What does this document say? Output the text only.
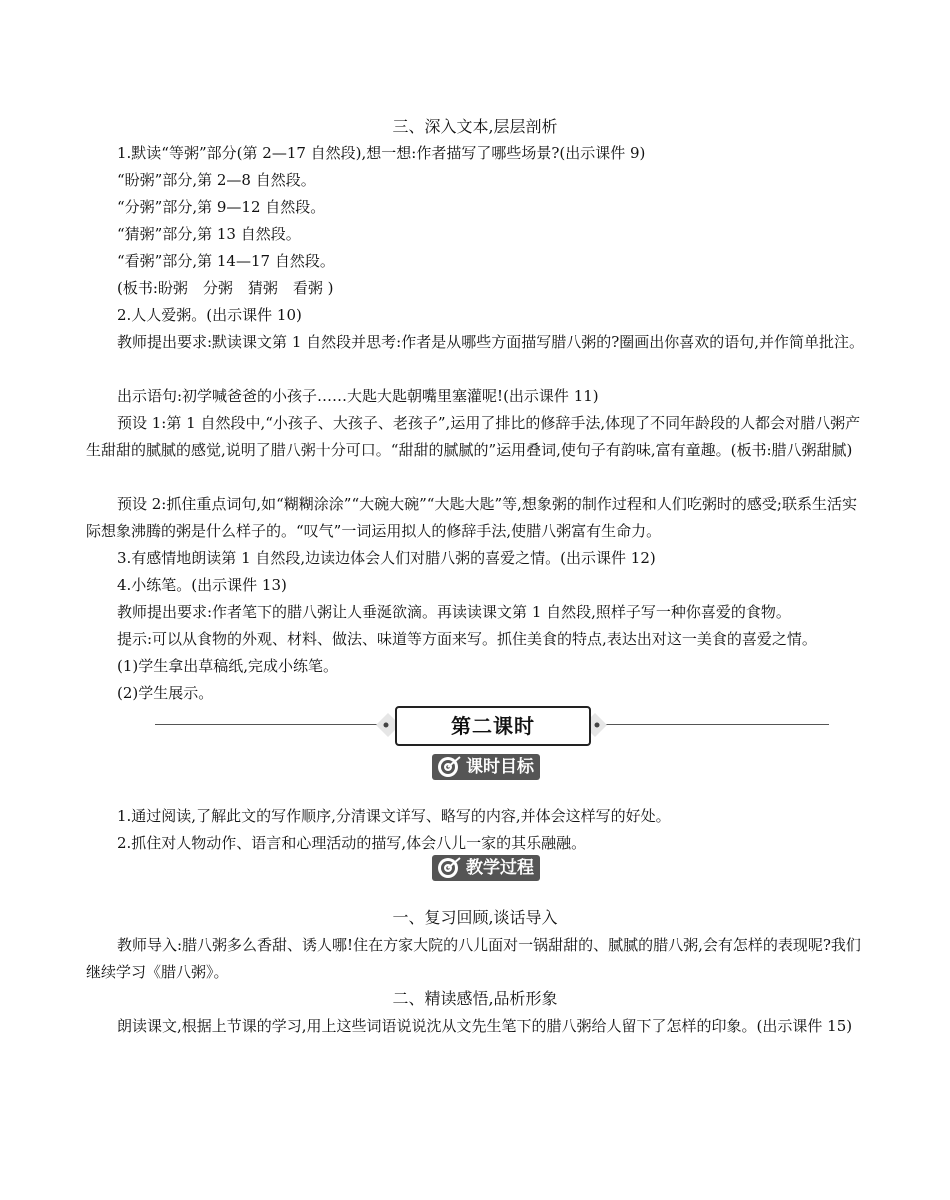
三、深入文本,层层剖析
1.默读“等粥”部分(第 2—17 自然段),想一想:作者描写了哪些场景?(出示课件 9)
“盼粥”部分,第 2—8 自然段。
“分粥”部分,第 9—12 自然段。
“猜粥”部分,第 13 自然段。
“看粥”部分,第 14—17 自然段。
(板书:盼粥　分粥　猜粥　看粥 )
2.人人爱粥。(出示课件 10)
教师提出要求:默读课文第 1 自然段并思考:作者是从哪些方面描写腊八粥的?圈画出你喜欢的语句,并作简单批注。
出示语句:初学喊爸爸的小孩子……大匙大匙朝嘴里塞灌呢!(出示课件 11)
预设 1:第 1 自然段中,“小孩子、大孩子、老孩子”,运用了排比的修辞手法,体现了不同年龄段的人都会对腊八粥产生甜甜的腻腻的感觉,说明了腊八粥十分可口。“甜甜的腻腻的”运用叠词,使句子有韵味,富有童趣。(板书:腊八粥甜腻)
预设 2:抓住重点词句,如“糊糊涂涂”“大碗大碗”“大匙大匙”等,想象粥的制作过程和人们吃粥时的感受;联系生活实际想象沸腾的粥是什么样子的。“叹气”一词运用拟人的修辞手法,使腊八粥富有生命力。
3.有感情地朗读第 1 自然段,边读边体会人们对腊八粥的喜爱之情。(出示课件 12)
4.小练笔。(出示课件 13)
教师提出要求:作者笔下的腊八粥让人垂涎欲滴。再读读课文第 1 自然段,照样子写一种你喜爱的食物。
提示:可以从食物的外观、材料、做法、味道等方面来写。抓住美食的特点,表达出对这一美食的喜爱之情。
(1)学生拿出草稿纸,完成小练笔。
(2)学生展示。
第二课时
课时目标
1.通过阅读,了解此文的写作顺序,分清课文详写、略写的内容,并体会这样写的好处。
2.抓住对人物动作、语言和心理活动的描写,体会八儿一家的其乐融融。
教学过程
一、复习回顾,谈话导入
教师导入:腊八粥多么香甜、诱人哪!住在方家大院的八儿面对一锅甜甜的、腻腻的腊八粥,会有怎样的表现呢?我们继续学习《腊八粥》。
二、精读感悟,品析形象
朗读课文,根据上节课的学习,用上这些词语说说沈从文先生笔下的腊八粥给人留下了怎样的印象。(出示课件 15)
